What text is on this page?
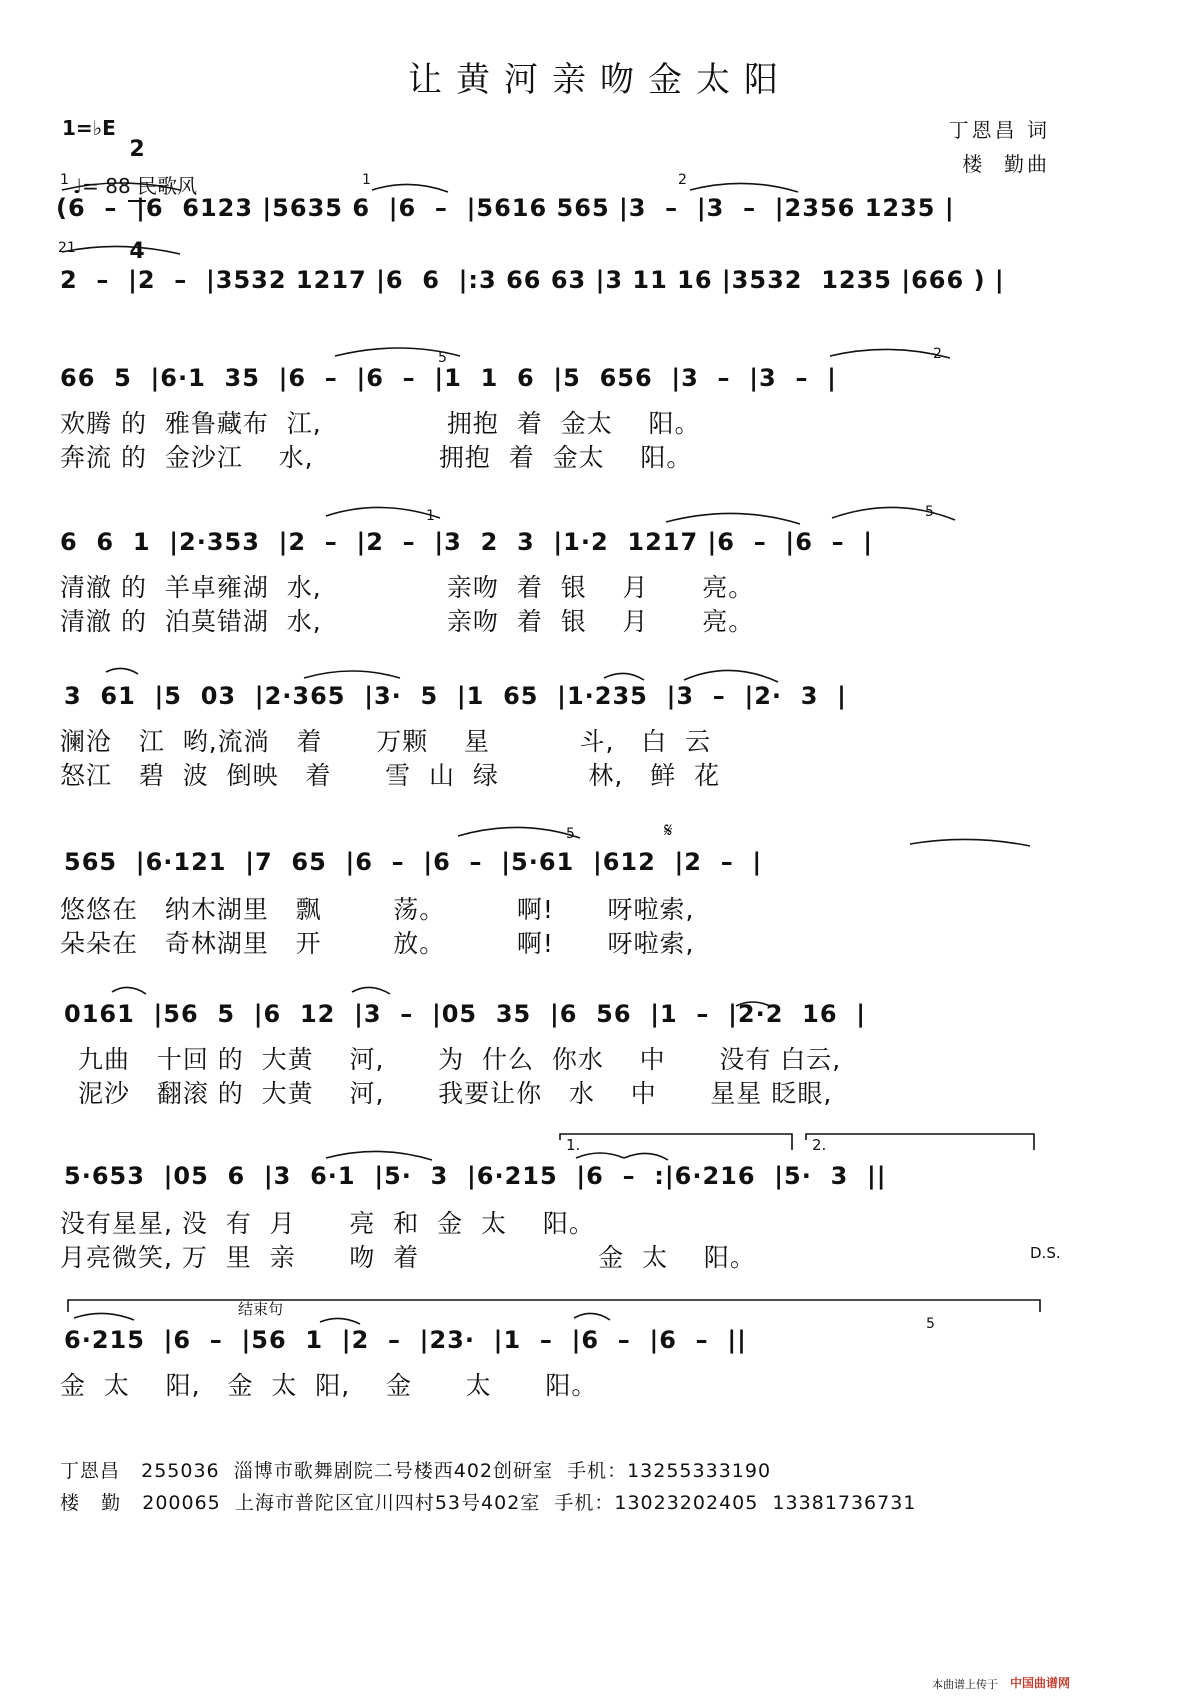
让黄河亲吻金太阳
1=♭E

2

4

♩= 88 民歌风

丁恩昌 词
楼  勤曲
1	1	2
(6  –  |6  6123 |5635 6  |6  –  |5616 565 |3  –  |3  –  |2356 1235 |
21
2  –  |2  –  |3532 1217 |6  6  |:3 66 63 |3 11 16 |3532  1235 |666 ) |
5	2
66  5  |6·1  35  |6  –  |6  –  |1  1  6  |5  656  |3  –  |3  –  |
欢腾 的  雅鲁藏布  江,              拥抱  着  金太    阳。
奔流 的  金沙江    水,              拥抱  着  金太    阳。
1	5
6  6  1  |2·353  |2  –  |2  –  |3  2  3  |1·2  1217 |6  –  |6  –  |
清澈 的  羊卓雍湖  水,              亲吻  着  银    月      亮。
清澈 的  泊莫错湖  水,              亲吻  着  银    月      亮。
3  61  |5  03  |2·365  |3·  5  |1  65  |1·235  |3  –  |2·  3  |
澜沧   江  哟,流淌   着      万颗    星          斗,   白  云
怒江   碧  波  倒映   着      雪  山  绿          林,   鲜  花
5	𝄋
565  |6·121  |7  65  |6  –  |6  –  |5·61  |612  |2  –  |
悠悠在   纳木湖里   飘        荡。        啊!      呀啦索,
朵朵在   奇林湖里   开        放。        啊!      呀啦索,
0161  |56  5  |6  12  |3  –  |05  35  |6  56  |1  –  |2·2  16  |
九曲   十回 的  大黄    河,      为  什么  你水    中      没有 白云,
泥沙   翻滚 的  大黄    河,      我要让你   水    中      星星 眨眼,
1.	2.
5·653  |05  6  |3  6·1  |5·  3  |6·215  |6  –  :|6·216  |5·  3  ||
没有星星, 没  有  月      亮  和  金  太    阳。
月亮微笑, 万  里  亲      吻  着                    金  太    阳。	D.S.
结束句
5
6·215  |6  –  |56  1  |2  –  |23·  |1  –  |6  –  |6  –  ||
金  太    阳,   金  太  阳,    金      太      阳。
丁恩昌   255036  淄博市歌舞剧院二号楼西402创研室  手机：13255333190
楼   勤   200065  上海市普陀区宜川四村53号402室  手机：13023202405  13381736731
本曲谱上传于 中国曲谱网
